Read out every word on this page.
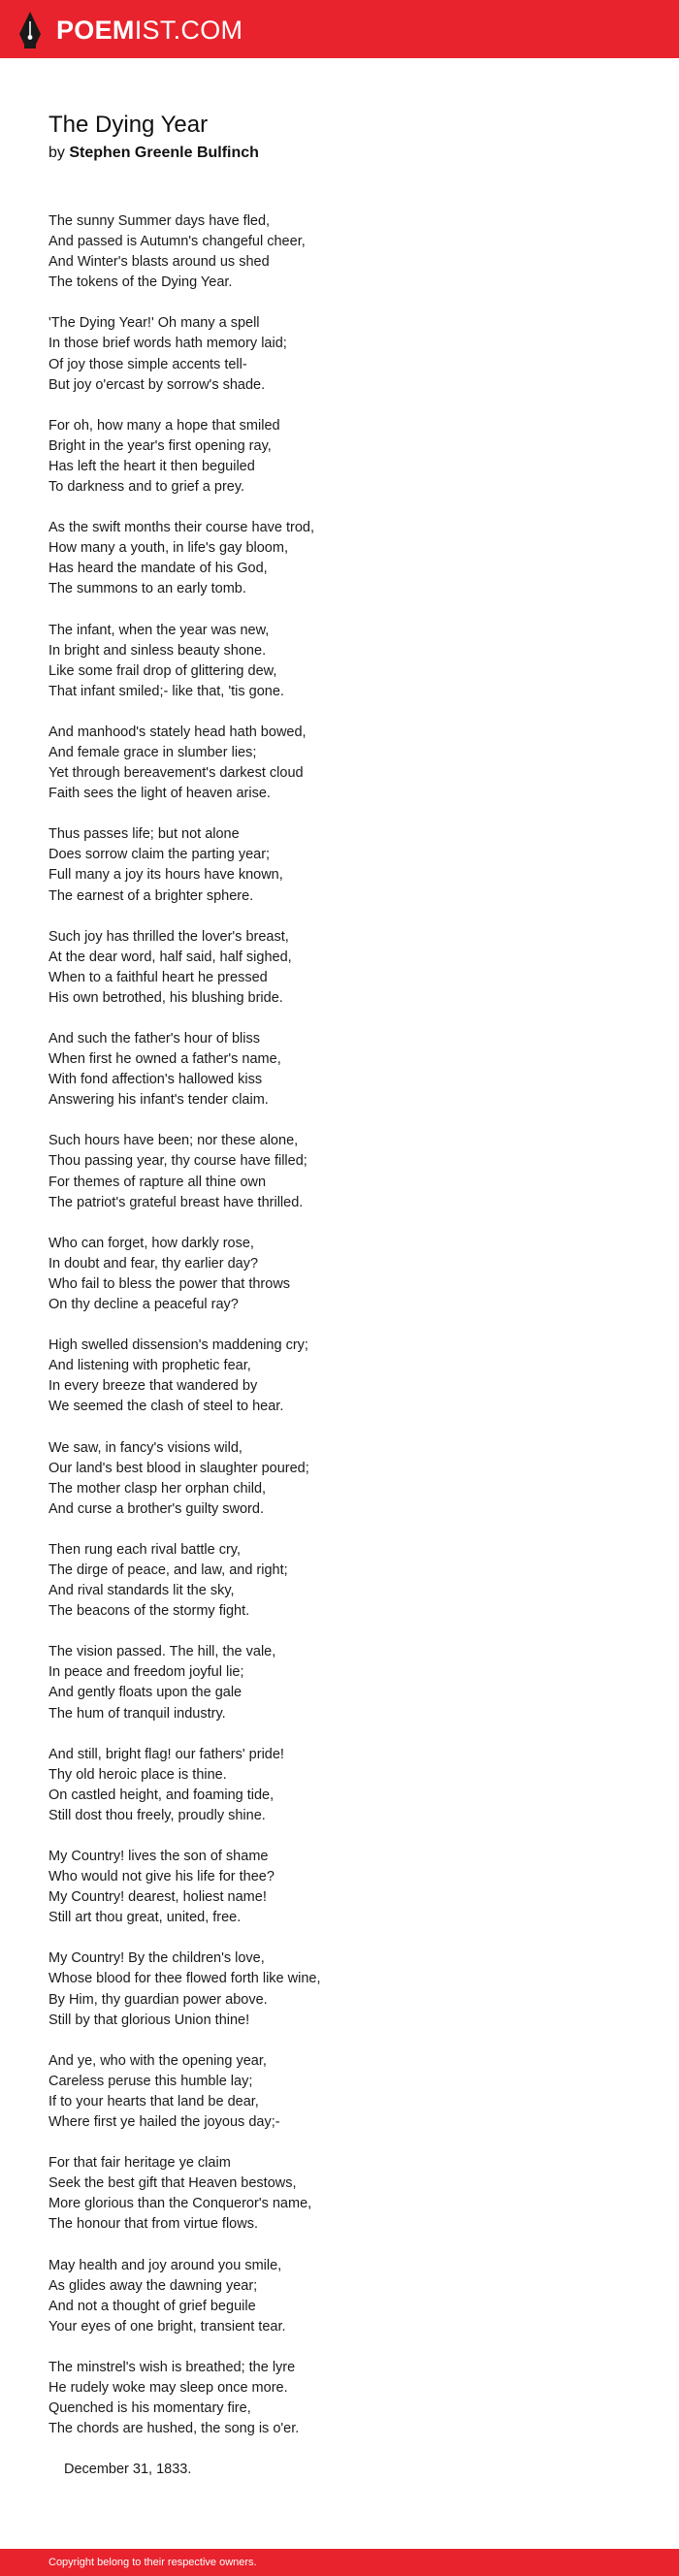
POEMIST.COM
The Dying Year
by Stephen Greenle Bulfinch
The sunny Summer days have fled,
And passed is Autumn's changeful cheer,
And Winter's blasts around us shed
The tokens of the Dying Year.
'The Dying Year!' Oh many a spell
In those brief words hath memory laid;
Of joy those simple accents tell-
But joy o'ercast by sorrow's shade.
For oh, how many a hope that smiled
Bright in the year's first opening ray,
Has left the heart it then beguiled
To darkness and to grief a prey.
As the swift months their course have trod,
How many a youth, in life's gay bloom,
Has heard the mandate of his God,
The summons to an early tomb.
The infant, when the year was new,
In bright and sinless beauty shone.
Like some frail drop of glittering dew,
That infant smiled;- like that, 'tis gone.
And manhood's stately head hath bowed,
And female grace in slumber lies;
Yet through bereavement's darkest cloud
Faith sees the light of heaven arise.
Thus passes life; but not alone
Does sorrow claim the parting year;
Full many a joy its hours have known,
The earnest of a brighter sphere.
Such joy has thrilled the lover's breast,
At the dear word, half said, half sighed,
When to a faithful heart he pressed
His own betrothed, his blushing bride.
And such the father's hour of bliss
When first he owned a father's name,
With fond affection's hallowed kiss
Answering his infant's tender claim.
Such hours have been; nor these alone,
Thou passing year, thy course have filled;
For themes of rapture all thine own
The patriot's grateful breast have thrilled.
Who can forget, how darkly rose,
In doubt and fear, thy earlier day?
Who fail to bless the power that throws
On thy decline a peaceful ray?
High swelled dissension's maddening cry;
And listening with prophetic fear,
In every breeze that wandered by
We seemed the clash of steel to hear.
We saw, in fancy's visions wild,
Our land's best blood in slaughter poured;
The mother clasp her orphan child,
And curse a brother's guilty sword.
Then rung each rival battle cry,
The dirge of peace, and law, and right;
And rival standards lit the sky,
The beacons of the stormy fight.
The vision passed. The hill, the vale,
In peace and freedom joyful lie;
And gently floats upon the gale
The hum of tranquil industry.
And still, bright flag! our fathers' pride!
Thy old heroic place is thine.
On castled height, and foaming tide,
Still dost thou freely, proudly shine.
My Country! lives the son of shame
Who would not give his life for thee?
My Country! dearest, holiest name!
Still art thou great, united, free.
My Country! By the children's love,
Whose blood for thee flowed forth like wine,
By Him, thy guardian power above.
Still by that glorious Union thine!
And ye, who with the opening year,
Careless peruse this humble lay;
If to your hearts that land be dear,
Where first ye hailed the joyous day;-
For that fair heritage ye claim
Seek the best gift that Heaven bestows,
More glorious than the Conqueror's name,
The honour that from virtue flows.
May health and joy around you smile,
As glides away the dawning year;
And not a thought of grief beguile
Your eyes of one bright, transient tear.
The minstrel's wish is breathed; the lyre
He rudely woke may sleep once more.
Quenched is his momentary fire,
The chords are hushed, the song is o'er.

December 31, 1833.

Copyright belong to their respective owners.
